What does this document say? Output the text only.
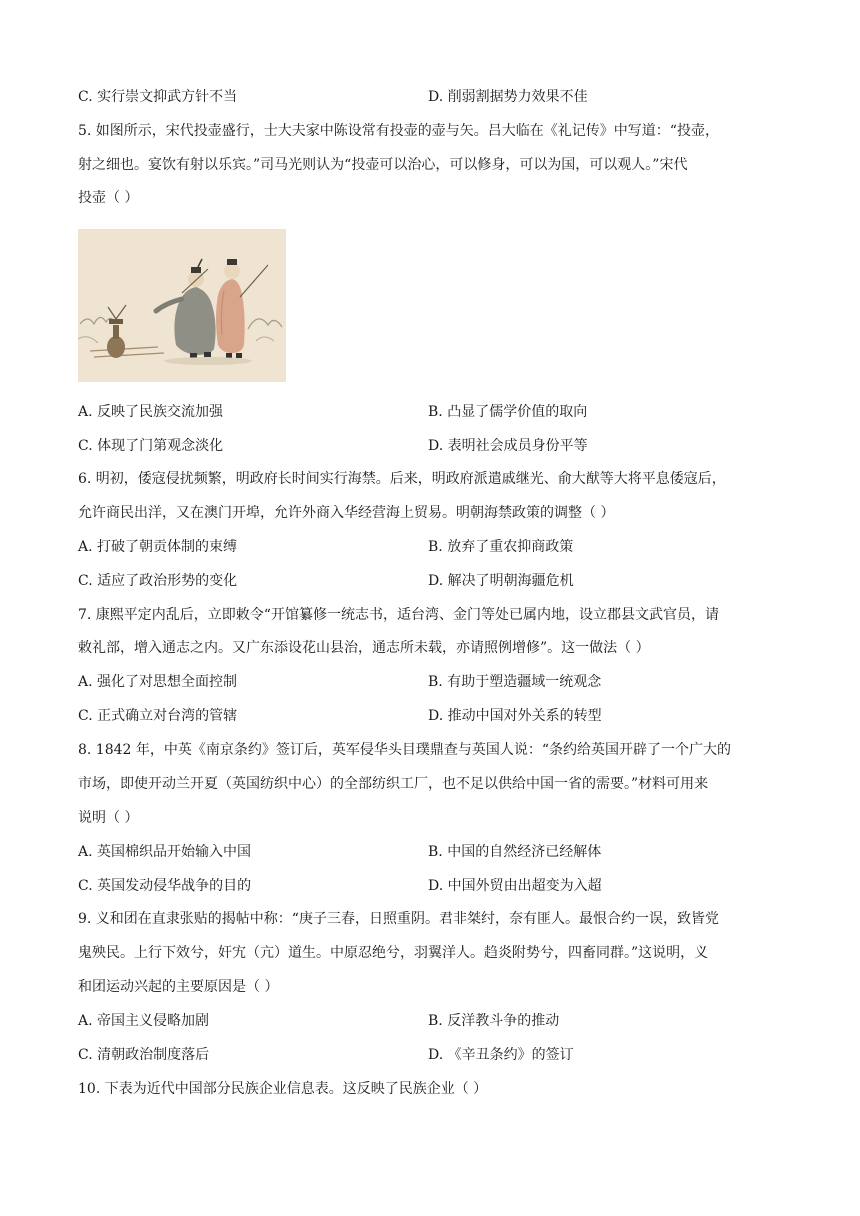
C. 实行崇文抑武方针不当	D. 削弱割据势力效果不佳
5. 如图所示，宋代投壶盛行，士大夫家中陈设常有投壶的壶与矢。吕大临在《礼记传》中写道：“投壶，
射之细也。宴饮有射以乐宾。”司马光则认为“投壶可以治心，可以修身，可以为国，可以观人。”宋代
投壶（ ）
A. 反映了民族交流加强	B. 凸显了儒学价值的取向
C. 体现了门第观念淡化	D. 表明社会成员身份平等
6. 明初，倭寇侵扰频繁，明政府长时间实行海禁。后来，明政府派遣戚继光、俞大猷等大将平息倭寇后，
允许商民出洋，又在澳门开埠，允许外商入华经营海上贸易。明朝海禁政策的调整（ ）
A. 打破了朝贡体制的束缚	B. 放弃了重农抑商政策
C. 适应了政治形势的变化	D. 解决了明朝海疆危机
7. 康熙平定内乱后，立即敕令“开馆纂修一统志书，适台湾、金门等处已属内地，设立郡县文武官员，请
敕礼部，增入通志之内。又广东添设花山县治，通志所未载，亦请照例增修”。这一做法（ ）
A. 强化了对思想全面控制	B. 有助于塑造疆域一统观念
C. 正式确立对台湾的管辖	D. 推动中国对外关系的转型
8. 1842 年，中英《南京条约》签订后，英军侵华头目璞鼎查与英国人说：“条约给英国开辟了一个广大的
市场，即使开动兰开夏（英国纺织中心）的全部纺织工厂，也不足以供给中国一省的需要。”材料可用来
说明（ ）
A. 英国棉织品开始输入中国	B. 中国的自然经济已经解体
C. 英国发动侵华战争的目的	D. 中国外贸由出超变为入超
9. 义和团在直隶张贴的揭帖中称：“庚子三春，日照重阴。君非桀纣，奈有匪人。最恨合约一误，致皆党
鬼殃民。上行下效兮，奸宄（亢）道生。中原忍绝兮，羽翼洋人。趋炎附势兮，四畜同群。”这说明，义
和团运动兴起的主要原因是（ ）
A. 帝国主义侵略加剧	B. 反洋教斗争的推动
C. 清朝政治制度落后	D. 《辛丑条约》的签订
10. 下表为近代中国部分民族企业信息表。这反映了民族企业（ ）
